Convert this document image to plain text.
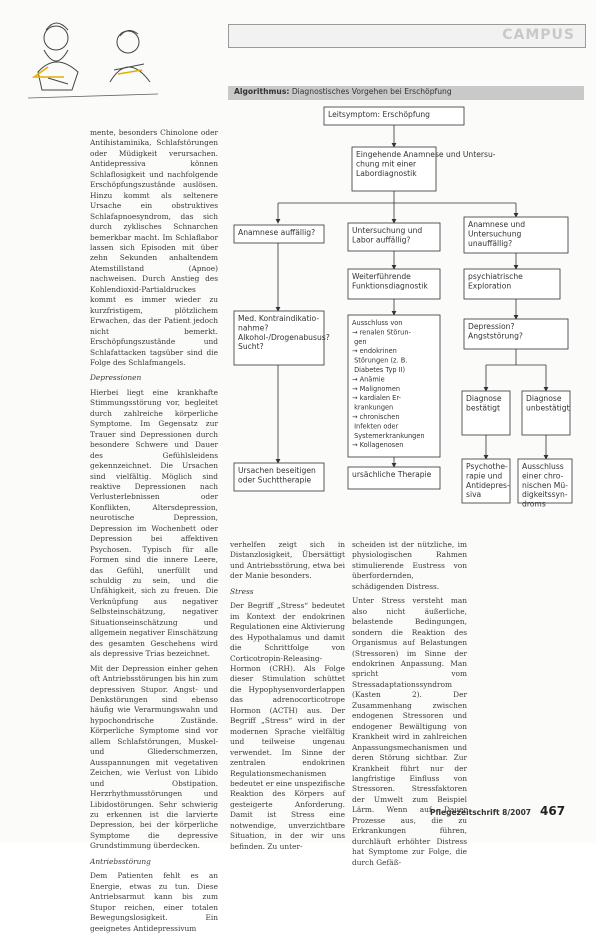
CAMPUS
Algorithmus: Diagnostisches Vorgehen bei Erschöpfung
Leitsymptom: Erschöpfung
Eingehende Anamnese und Untersu-chung mit einer Labordiagnostik
Anamnese auffällig?	Untersuchung und Labor auffällig?
Anamnese und Untersuchung unauffällig?
Weiterführende Funktionsdiagnostik
psychiatrische Exploration
Med. Kontraindikatio-nahme? Alkohol-/Drogenabusus? Sucht?
Ausschluss von → renalen Störun- gen → endokrinen Störungen (z. B. Diabetes Typ II) → Anämie → Malignomen → kardialen Er- krankungen → chronischen Infekten oder Systemerkrankungen → Kollagenosen
Depression? Angststörung?
Diagnose bestätigt
Diagnose unbestätigt
Ursachen beseitigen oder Suchttherapie
ursächliche Therapie
Psychothe-rapie und Antidepres-siva
Ausschluss einer chro-nischen Mü-digkeitssyn-droms

mente, besonders Chinolone oder Antihistaminika, Schlafstörungen oder Müdigkeit verursachen. Antidepressiva können Schlaflosigkeit und nachfolgende Erschöpfungszustände auslösen. Hinzu kommt als seltenere Ursache ein obstruktives Schlafapnoesyndrom, das sich durch zyklisches Schnarchen bemerkbar macht. Im Schlaflabor lassen sich Episoden mit über zehn Sekunden anhaltendem Atemstillstand (Apnoe) nachweisen. Durch Anstieg des Kohlendioxid-Partialdruckes kommt es immer wieder zu kurzfristigem, plötzlichem Erwachen, das der Patient jedoch nicht bemerkt. Erschöpfungszustände und Schlafattacken tagsüber sind die Folge des Schlafmangels.

Depressionen

Hierbei liegt eine krankhafte Stimmungsstörung vor, begleitet durch zahlreiche körperliche Symptome. Im Gegensatz zur Trauer sind Depressionen durch besondere Schwere und Dauer des Gefühlsleidens gekennzeichnet. Die Ursachen sind vielfältig. Möglich sind reaktive Depressionen nach Verlusterlebnissen oder Konflikten, Altersdepression, neurotische Depression, Depression im Wochenbett oder Depression bei affektiven Psychosen. Typisch für alle Formen sind die innere Leere, das Gefühl, unerfüllt und schuldig zu sein, und die Unfähigkeit, sich zu freuen. Die Verknüpfung aus negativer Selbsteinschätzung, negativer Situationseinschätzung und allgemein negativer Einschätzung des gesamten Geschehens wird als depressive Trias bezeichnet.

Mit der Depression einher gehen oft Antriebsstörungen bis hin zum depressiven Stupor. Angst- und Denkstörungen sind ebenso häufig wie Verarmungswahn und hypochondrische Zustände. Körperliche Symptome sind vor allem Schlafstörungen, Muskel- und Gliederschmerzen, Ausspannungen mit vegetativen Zeichen, wie Verlust von Libido und Obstipation. Herzrhythmusstörungen und Libidostörungen. Sehr schwierig zu erkennen ist die larvierte Depression, bei der körperliche Symptome die depressive Grundstimmung überdecken.

Antriebsstörung

Dem Patienten fehlt es an Energie, etwas zu tun. Diese Antriebsarmut kann bis zum Stupor reichen, einer totalen Bewegungslosigkeit. Ein geeignetes Antidepressivum

verhelfen zeigt sich in Distanzlosigkeit, Übersättigt und Antriebsstörung, etwa bei der Manie besonders.

Stress

Der Begriff „Stress“ bedeutet im Kontext der endokrinen Regulationen eine Aktivierung des Hypothalamus und damit die Schrittfolge von Corticotropin-Releasing-Hormon (CRH). Als Folge dieser Stimulation schüttet die Hypophysenvorderlappen das adrenocorticotrope Hormon (ACTH) aus. Der Begriff „Stress“ wird in der modernen Sprache vielfältig und teilweise ungenau verwendet. Im Sinne der zentralen endokrinen Regulationsmechanismen bedeutet er eine unspezifische Reaktion des Körpers auf gesteigerte Anforderung. Damit ist Stress eine notwendige, unverzichtbare Situation, in der wir uns befinden. Zu unter-

scheiden ist der nützliche, im physiologischen Rahmen stimulierende Eustress von überfordernden, schädigenden Distress.

Unter Stress versteht man also nicht äußerliche, belastende Bedingungen, sondern die Reaktion des Organismus auf Belastungen (Stressoren) im Sinne der endokrinen Anpassung. Man spricht vom Stressadaptationssyndrom (Kasten 2). Der Zusammenhang zwischen endogenen Stressoren und endogener Bewältigung von Krankheit wird in zahlreichen Anpassungsmechanismen und deren Störung sichtbar. Zur Krankheit führt nur der langfristige Einfluss von Stressoren. Stressfaktoren der Umwelt zum Beispiel Lärm. Wenn auf Dauer Prozesse aus, die zu Erkrankungen führen, durchläuft erhöhter Distress hat Symptome zur Folge, die durch Gefäß-

Pflegezeitschrift 8/2007 467
